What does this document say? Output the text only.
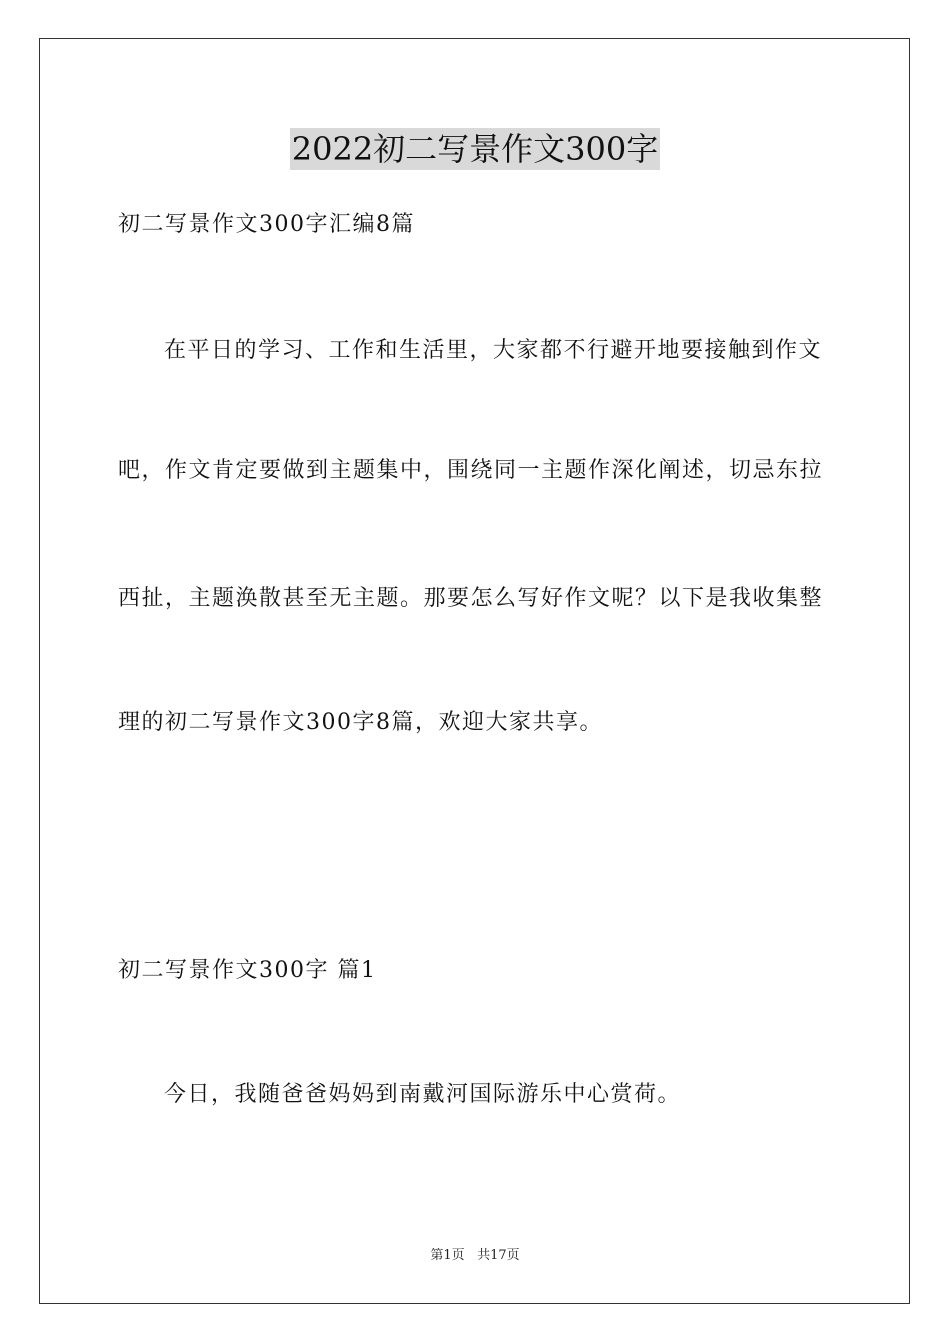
2022初二写景作文300字
初二写景作文300字汇编8篇
在平日的学习、工作和生活里，大家都不行避开地要接触到作文
吧，作文肯定要做到主题集中，围绕同一主题作深化阐述，切忌东拉
西扯，主题涣散甚至无主题。那要怎么写好作文呢？以下是我收集整
理的初二写景作文300字8篇，欢迎大家共享。
初二写景作文300字 篇1
今日，我随爸爸妈妈到南戴河国际游乐中心赏荷。
第1页 共17页
